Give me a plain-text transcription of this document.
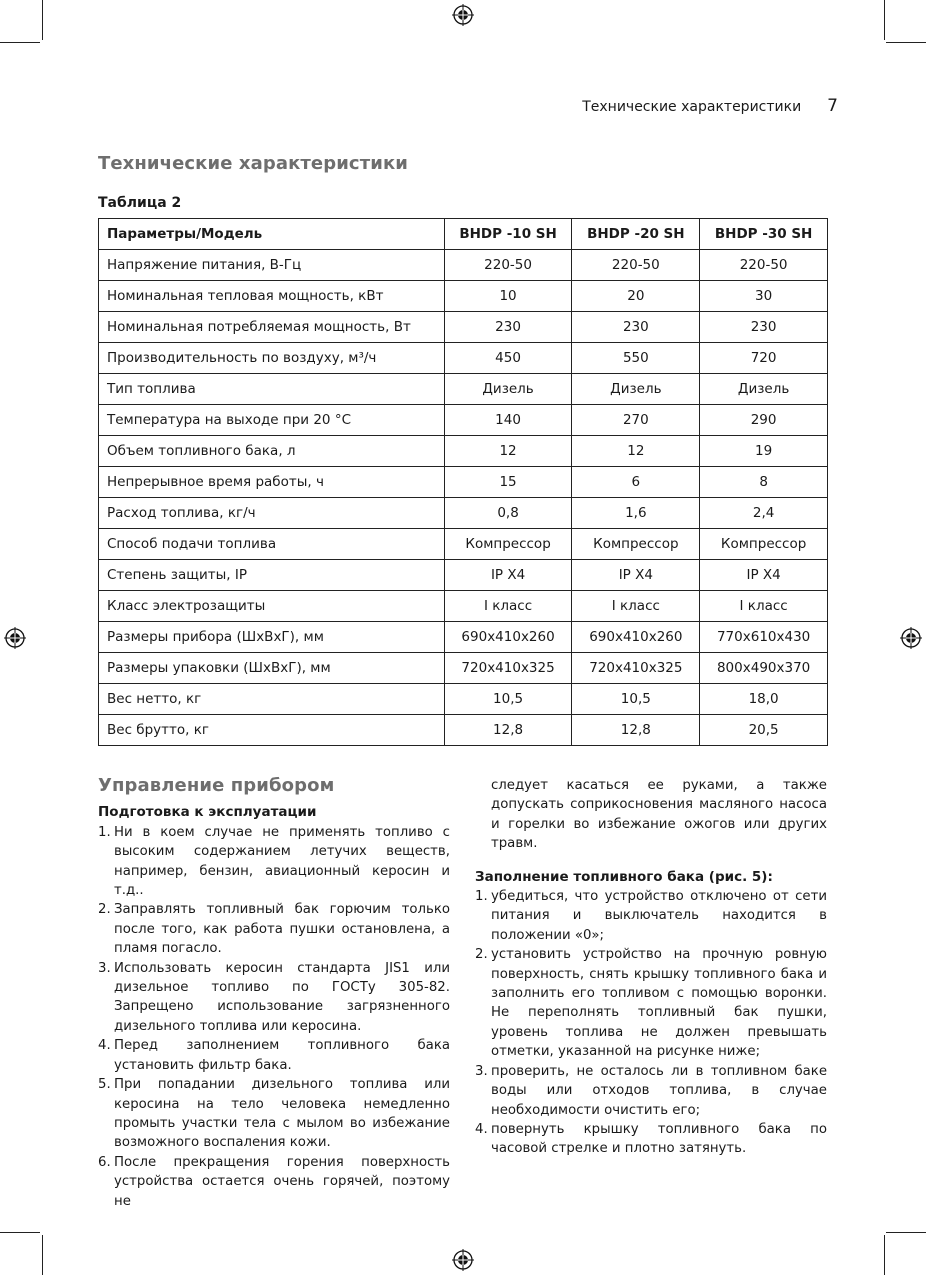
Технические характеристики 7
Технические характеристики

Таблица 2

Параметры/Модель	BHDP -10 SH	BHDP -20 SH	BHDP -30 SH
Напряжение питания, В-Гц	220-50	220-50	220-50
Номинальная тепловая мощность, кВт	10	20	30
Номинальная потребляемая мощность, Вт	230	230	230
Производительность по воздуху, м³/ч	450	550	720
Тип топлива	Дизель	Дизель	Дизель
Температура на выходе при 20 °С	140	270	290
Объем топливного бака, л	12	12	19
Непрерывное время работы, ч	15	6	8
Расход топлива, кг/ч	0,8	1,6	2,4
Способ подачи топлива	Компрессор	Компрессор	Компрессор
Степень защиты, IP	IP X4	IP X4	IP X4
Класс электрозащиты	I класс	I класс	I класс
Размеры прибора (ШхВхГ), мм	690x410x260	690x410x260	770x610x430
Размеры упаковки (ШхВхГ), мм	720x410x325	720x410x325	800x490x370
Вес нетто, кг	10,5	10,5	18,0
Вес брутто, кг	12,8	12,8	20,5
Управление прибором

Подготовка к эксплуатации

1. Ни в коем случае не применять топливо с высоким содержанием летучих веществ, например, бензин, авиационный керосин и т.д..
2. Заправлять топливный бак горючим только после того, как работа пушки остановлена, а пламя погасло.
3. Использовать керосин стандарта JIS1 или дизельное топливо по ГОСТу 305-82. Запрещено использование загрязненного дизельного топлива или керосина.
4. Перед заполнением топливного бака установить фильтр бака.
5. При попадании дизельного топлива или керосина на тело человека немедленно промыть участки тела с мылом во избежание возможного воспаления кожи.
6. После прекращения горения поверхность устройства остается очень горячей, поэтому не

следует касаться ее руками, а также допускать соприкосновения масляного насоса и горелки во избежание ожогов или других травм.

Заполнение топливного бака (рис. 5):

1. убедиться, что устройство отключено от сети питания и выключатель находится в положении «0»;
2. установить устройство на прочную ровную поверхность, снять крышку топливного бака и заполнить его топливом с помощью воронки. Не переполнять топливный бак пушки, уровень топлива не должен превышать отметки, указанной на рисунке ниже;
3. проверить, не осталось ли в топливном баке воды или отходов топлива, в случае необходимости очистить его;
4. повернуть крышку топливного бака по часовой стрелке и плотно затянуть.
